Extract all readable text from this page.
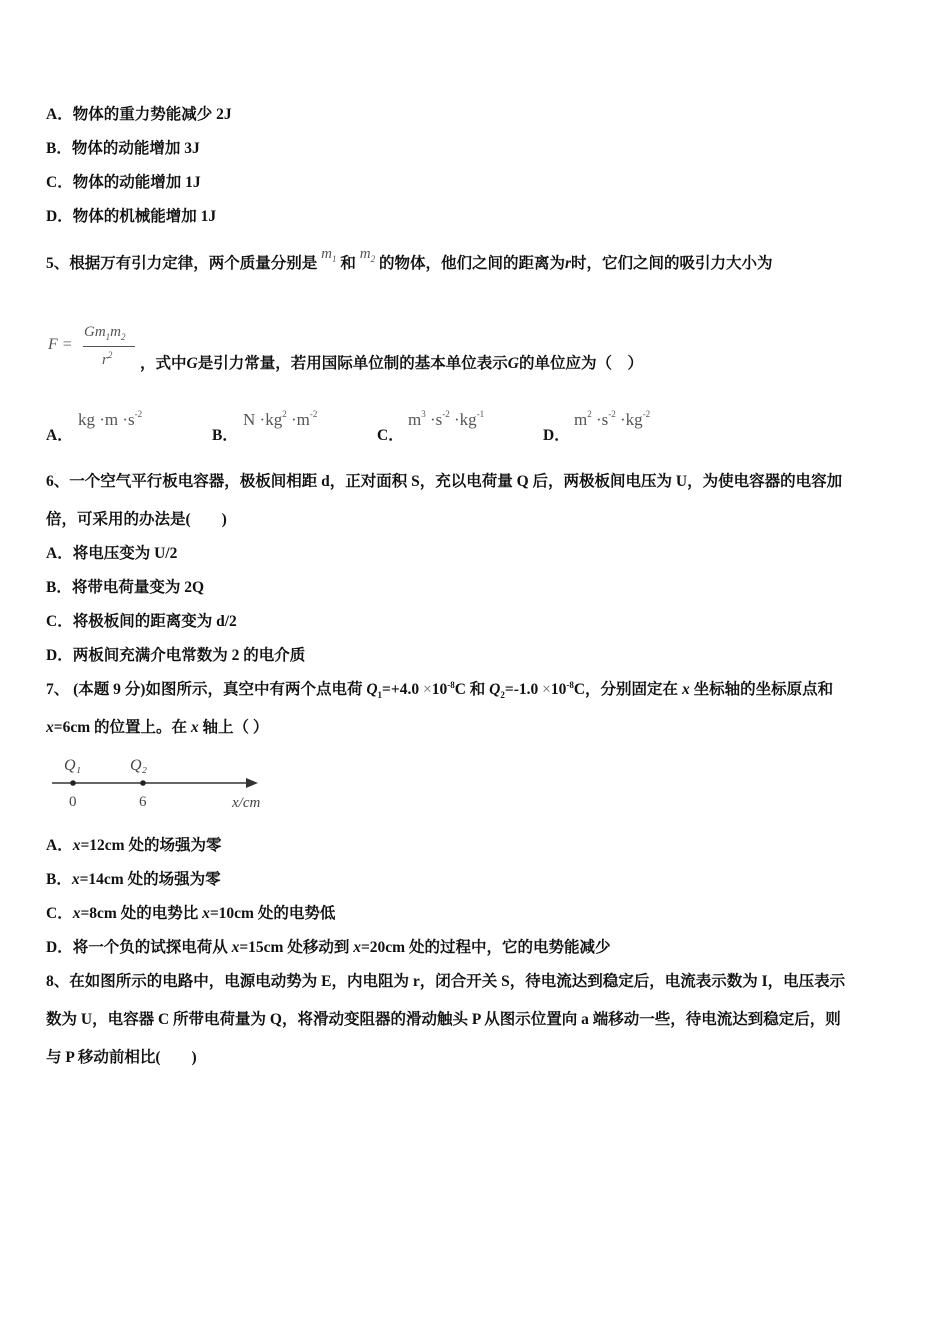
A．物体的重力势能减少 2J
B．物体的动能增加 3J
C．物体的动能增加 1J
D．物体的机械能增加 1J
5、根据万有引力定律，两个质量分别是 $m_1$ 和 $m_2$ 的物体，他们之间的距离为r时，它们之间的吸引力大小为
F =
$Gm_1m_2$
$r^2$ ，式中G是引力常量，若用国际单位制的基本单位表示G的单位应为（　）
A．
kg $\cdot m \cdot s^{-2}$
B．
$N \cdot kg^2 \cdot m^{-2}$
C．
$m^3 \cdot s^{-2} \cdot kg^{-1}$
D．
$m^2 \cdot s^{-2} \cdot kg^{-2}$
6、一个空气平行板电容器，极板间相距 d，正对面积 S，充以电荷量 Q 后，两极板间电压为 U，为使电容器的电容加
倍，可采用的办法是(　　)
A．将电压变为 U/2
B．将带电荷量变为 2Q
C．将极板间的距离变为 d/2
D．两板间充满介电常数为 2 的电介质
7、 (本题 9 分)如图所示，真空中有两个点电荷 $Q_1=+4.0 \times 10^{-8}C$ 和 $Q_2=-1.0 \times 10^{-8}C$，分别固定在 x 坐标轴的坐标原点和
x=6cm 的位置上。在 x 轴上（ ）
Q₁	Q₂
0	6	x/cm
A．x=12cm 处的场强为零
B．x=14cm 处的场强为零
C．x=8cm 处的电势比 x=10cm 处的电势低
D．将一个负的试探电荷从 x=15cm 处移动到 x=20cm 处的过程中，它的电势能减少
8、在如图所示的电路中，电源电动势为 E，内电阻为 r，闭合开关 S，待电流达到稳定后，电流表示数为 I，电压表示
数为 U，电容器 C 所带电荷量为 Q，将滑动变阻器的滑动触头 P 从图示位置向 a 端移动一些，待电流达到稳定后，则
与 P 移动前相比(　　)
